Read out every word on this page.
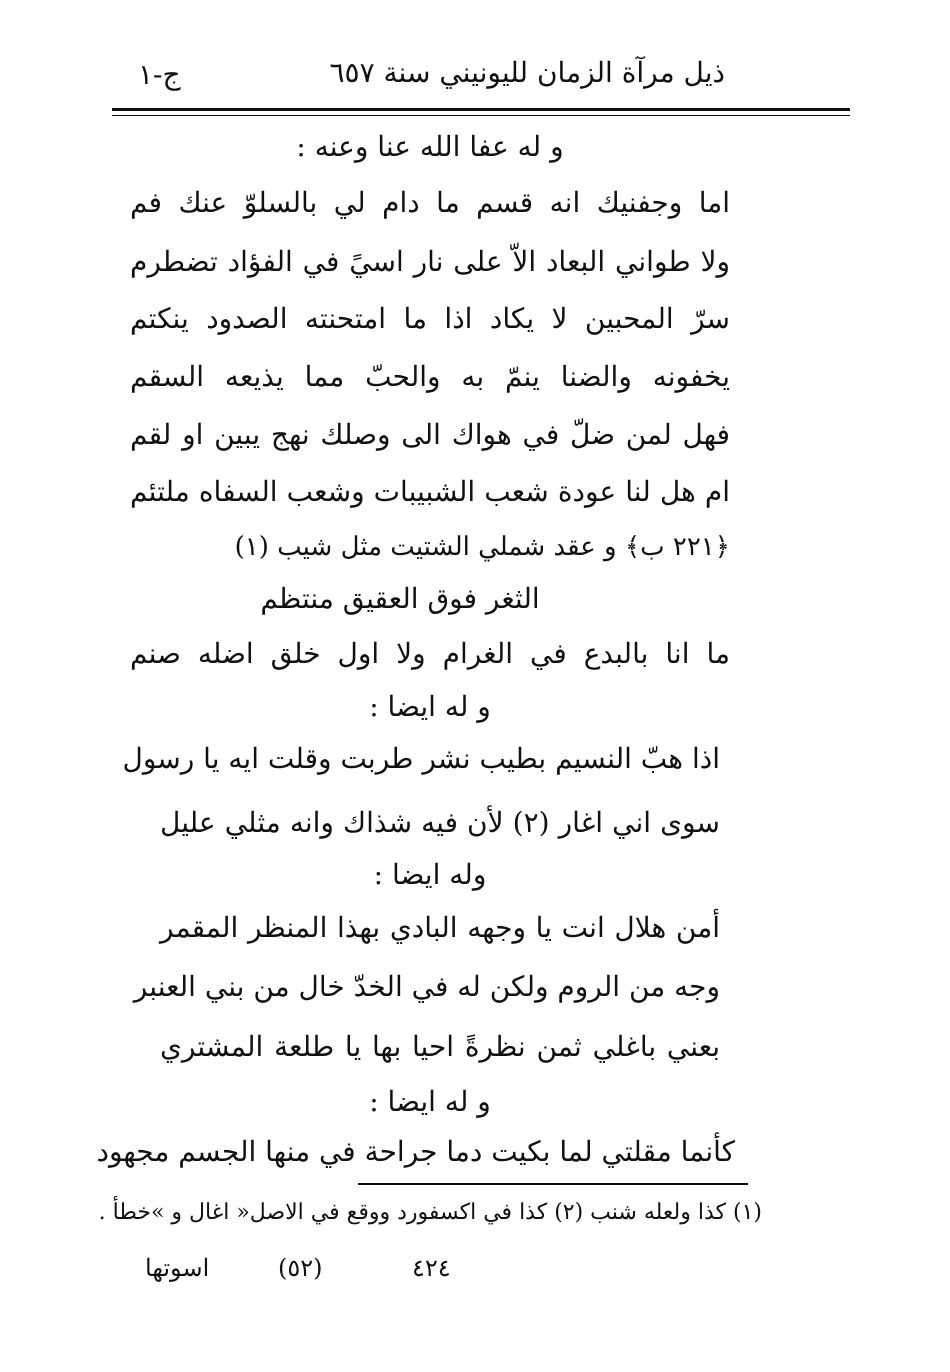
ذيل مرآة الزمان لليونيني سنة ٦٥٧
ج-١
و له عفا الله عنا وعنه :
اما وجفنيك انه قسم ما دام لي بالسلوّ عنك فم
ولا طواني البعاد الاّ على نار اسيً في الفؤاد تضطرم
سرّ المحبين لا يكاد اذا ما امتحنته الصدود ينكتم
يخفونه والضنا ينمّ به والحبّ مما يذيعه السقم
فهل لمن ضلّ في هواك الى وصلك نهج يبين او لقم
ام هل لنا عودة شعب الشبيبات وشعب السفاه ملتئم
﴿٢٢١ ب﴾ و عقد شملي الشتيت مثل شيب (١)
الثغر فوق العقيق منتظم
ما انا بالبدع في الغرام ولا اول خلق اضله صنم
و له ايضا :
اذا هبّ النسيم بطيب نشر طربت وقلت ايه يا رسول
سوى اني اغار (٢) لأن فيه شذاك وانه مثلي عليل
وله ايضا :
أمن هلال انت يا وجهه البادي بهذا المنظر المقمر
وجه من الروم ولكن له في الخدّ خال من بني العنبر
بعني باغلي ثمن نظرةً احيا بها يا طلعة المشتري
و له ايضا :
كأنما مقلتي لما بكيت دما جراحة في منها الجسم مجهود
(١) كذا ولعله شنب (٢) كذا في اكسفورد ووقع في الاصل« اغال و »خطأ .
اسوتها	(٥٢)	٤٢٤
